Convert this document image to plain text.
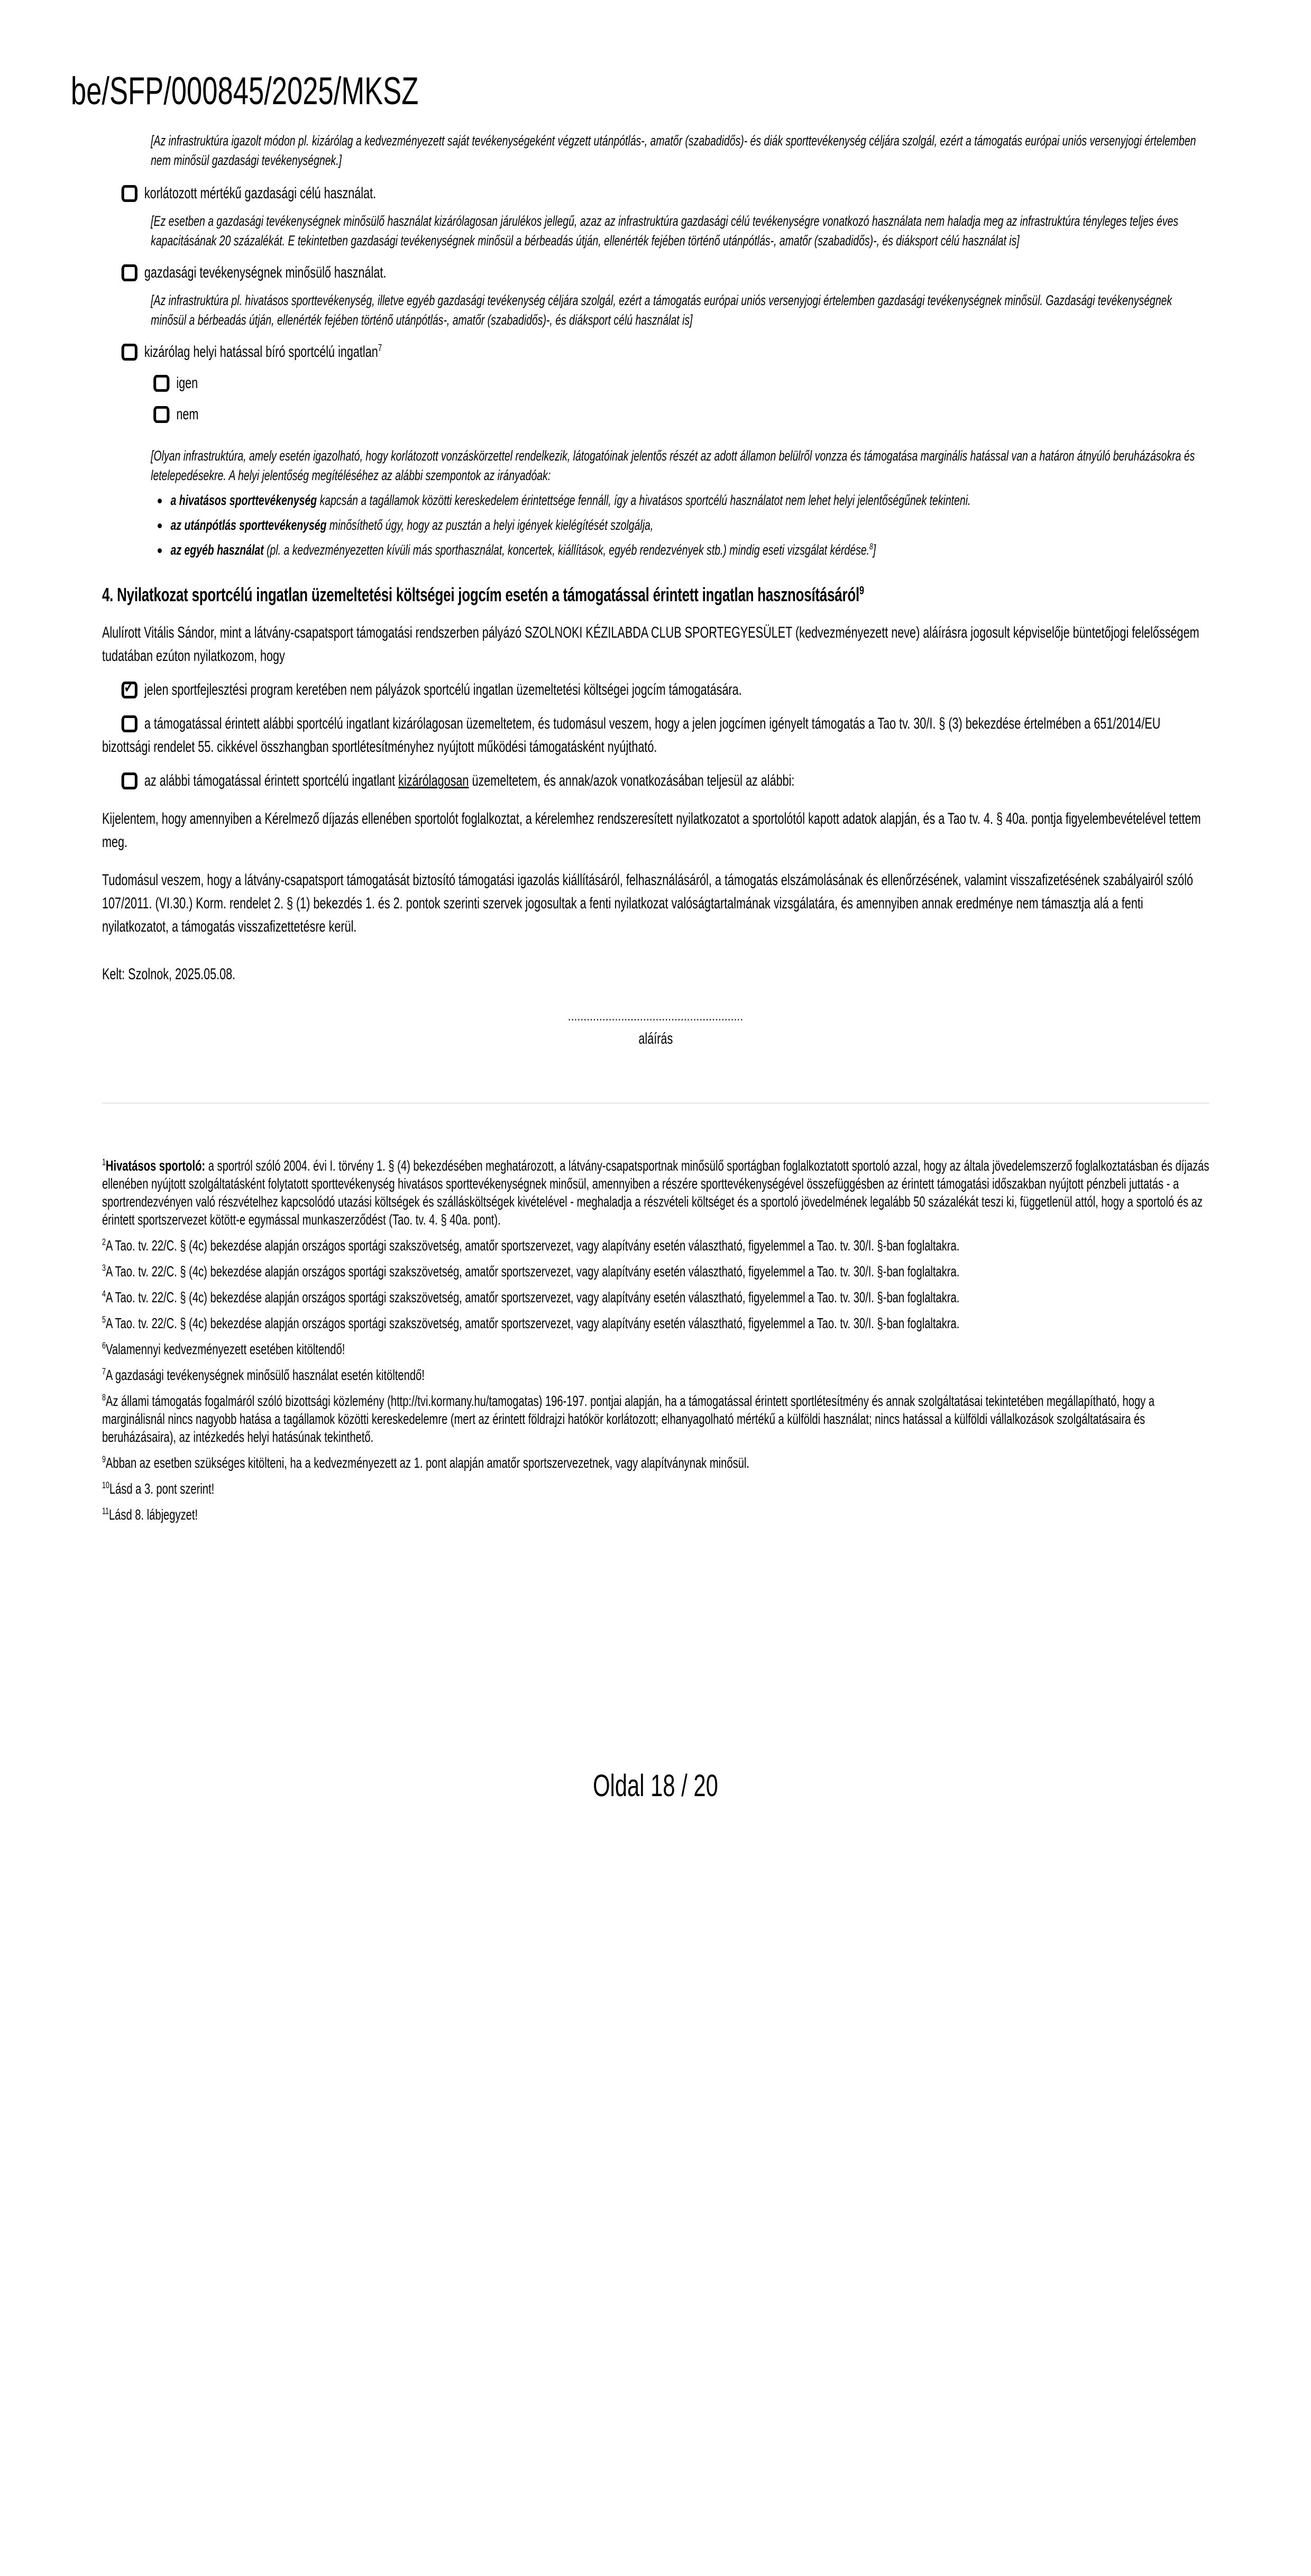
be/SFP/000845/2025/MKSZ

[Az infrastruktúra igazolt módon pl. kizárólag a kedvezményezett saját tevékenységeként végzett utánpótlás-, amatőr (szabadidős)- és diák sporttevékenység céljára szolgál, ezért a támogatás európai uniós versenyjogi értelemben nem minősül gazdasági tevékenységnek.]

korlátozott mértékű gazdasági célú használat.

[Ez esetben a gazdasági tevékenységnek minősülő használat kizárólagosan járulékos jellegű, azaz az infrastruktúra gazdasági célú tevékenységre vonatkozó használata nem haladja meg az infrastruktúra tényleges teljes éves kapacitásának 20 százalékát. E tekintetben gazdasági tevékenységnek minősül a bérbeadás útján, ellenérték fejében történő utánpótlás-, amatőr (szabadidős)-, és diáksport célú használat is]

gazdasági tevékenységnek minősülő használat.

[Az infrastruktúra pl. hivatásos sporttevékenység, illetve egyéb gazdasági tevékenység céljára szolgál, ezért a támogatás európai uniós versenyjogi értelemben gazdasági tevékenységnek minősül. Gazdasági tevékenységnek minősül a bérbeadás útján, ellenérték fejében történő utánpótlás-, amatőr (szabadidős)-, és diáksport célú használat is]

kizárólag helyi hatással bíró sportcélú ingatlan$^7$

igen

nem

[Olyan infrastruktúra, amely esetén igazolható, hogy korlátozott vonzáskörzettel rendelkezik, látogatóinak jelentős részét az adott államon belülről vonzza és támogatása marginális hatással van a határon átnyúló beruházásokra és letelepedésekre. A helyi jelentőség megítéléséhez az alábbi szempontok az irányadóak:

a hivatásos sporttevékenység kapcsán a tagállamok közötti kereskedelem érintettsége fennáll, így a hivatásos sportcélú használatot nem lehet helyi jelentőségűnek tekinteni.
az utánpótlás sporttevékenység minősíthető úgy, hogy az pusztán a helyi igények kielégítését szolgálja,
az egyéb használat (pl. a kedvezményezetten kívüli más sporthasználat, koncertek, kiállítások, egyéb rendezvények stb.) mindig eseti vizsgálat kérdése.$^8$]
4. Nyilatkozat sportcélú ingatlan üzemeltetési költségei jogcím esetén a támogatással érintett ingatlan hasznosításáról$^9$

Alulírott Vitális Sándor, mint a látvány-csapatsport támogatási rendszerben pályázó SZOLNOKI KÉZILABDA CLUB SPORTEGYESÜLET (kedvezményezett neve) aláírásra jogosult képviselője büntetőjogi felelősségem tudatában ezúton nyilatkozom, hogy

✔ jelen sportfejlesztési program keretében nem pályázok sportcélú ingatlan üzemeltetési költségei jogcím támogatására.

a támogatással érintett alábbi sportcélú ingatlant kizárólagosan üzemeltetem, és tudomásul veszem, hogy a jelen jogcímen igényelt támogatás a Tao tv. 30/I. § (3) bekezdése értelmében a 651/2014/EU bizottsági rendelet 55. cikkével összhangban sportlétesítményhez nyújtott működési támogatásként nyújtható.

az alábbi támogatással érintett sportcélú ingatlant kizárólagosan üzemeltetem, és annak/azok vonatkozásában teljesül az alábbi:

Kijelentem, hogy amennyiben a Kérelmező díjazás ellenében sportolót foglalkoztat, a kérelemhez rendszeresített nyilatkozatot a sportolótól kapott adatok alapján, és a Tao tv. 4. § 40a. pontja figyelembevételével tettem meg.

Tudomásul veszem, hogy a látvány-csapatsport támogatását biztosító támogatási igazolás kiállításáról, felhasználásáról, a támogatás elszámolásának és ellenőrzésének, valamint visszafizetésének szabályairól szóló 107/2011. (VI.30.) Korm. rendelet 2. § (1) bekezdés 1. és 2. pontok szerinti szervek jogosultak a fenti nyilatkozat valóságtartalmának vizsgálatára, és amennyiben annak eredménye nem támasztja alá a fenti nyilatkozatot, a támogatás visszafizettetésre kerül.

Kelt: Szolnok, 2025.05.08.

........................................................
aláírás

$^1$Hivatásos sportoló: a sportról szóló 2004. évi I. törvény 1. § (4) bekezdésében meghatározott, a látvány-csapatsportnak minősülő sportágban foglalkoztatott sportoló azzal, hogy az általa jövedelemszerző foglalkoztatásban és díjazás ellenében nyújtott szolgáltatásként folytatott sporttevékenység hivatásos sporttevékenységnek minősül, amennyiben a részére sporttevékenységével összefüggésben az érintett támogatási időszakban nyújtott pénzbeli juttatás - a sportrendezvényen való részvételhez kapcsolódó utazási költségek és szállásköltségek kivételével - meghaladja a részvételi költséget és a sportoló jövedelmének legalább 50 százalékát teszi ki, függetlenül attól, hogy a sportoló és az érintett sportszervezet kötött-e egymással munkaszerződést (Tao. tv. 4. § 40a. pont).

$^2$A Tao. tv. 22/C. § (4c) bekezdése alapján országos sportági szakszövetség, amatőr sportszervezet, vagy alapítvány esetén választható, figyelemmel a Tao. tv. 30/I. §-ban foglaltakra.

$^3$A Tao. tv. 22/C. § (4c) bekezdése alapján országos sportági szakszövetség, amatőr sportszervezet, vagy alapítvány esetén választható, figyelemmel a Tao. tv. 30/I. §-ban foglaltakra.

$^4$A Tao. tv. 22/C. § (4c) bekezdése alapján országos sportági szakszövetség, amatőr sportszervezet, vagy alapítvány esetén választható, figyelemmel a Tao. tv. 30/I. §-ban foglaltakra.

$^5$A Tao. tv. 22/C. § (4c) bekezdése alapján országos sportági szakszövetség, amatőr sportszervezet, vagy alapítvány esetén választható, figyelemmel a Tao. tv. 30/I. §-ban foglaltakra.

$^6$Valamennyi kedvezményezett esetében kitöltendő!

$^7$A gazdasági tevékenységnek minősülő használat esetén kitöltendő!

$^8$Az állami támogatás fogalmáról szóló bizottsági közlemény (http://tvi.kormany.hu/tamogatas) 196-197. pontjai alapján, ha a támogatással érintett sportlétesítmény és annak szolgáltatásai tekintetében megállapítható, hogy a marginálisnál nincs nagyobb hatása a tagállamok közötti kereskedelemre (mert az érintett földrajzi hatókör korlátozott; elhanyagolható mértékű a külföldi használat; nincs hatással a külföldi vállalkozások szolgáltatásaira és beruházásaira), az intézkedés helyi hatásúnak tekinthető.

$^9$Abban az esetben szükséges kitölteni, ha a kedvezményezett az 1. pont alapján amatőr sportszervezetnek, vagy alapítványnak minősül.

$^{10}$Lásd a 3. pont szerint!

$^{11}$Lásd 8. lábjegyzet!

Oldal 18 / 20
